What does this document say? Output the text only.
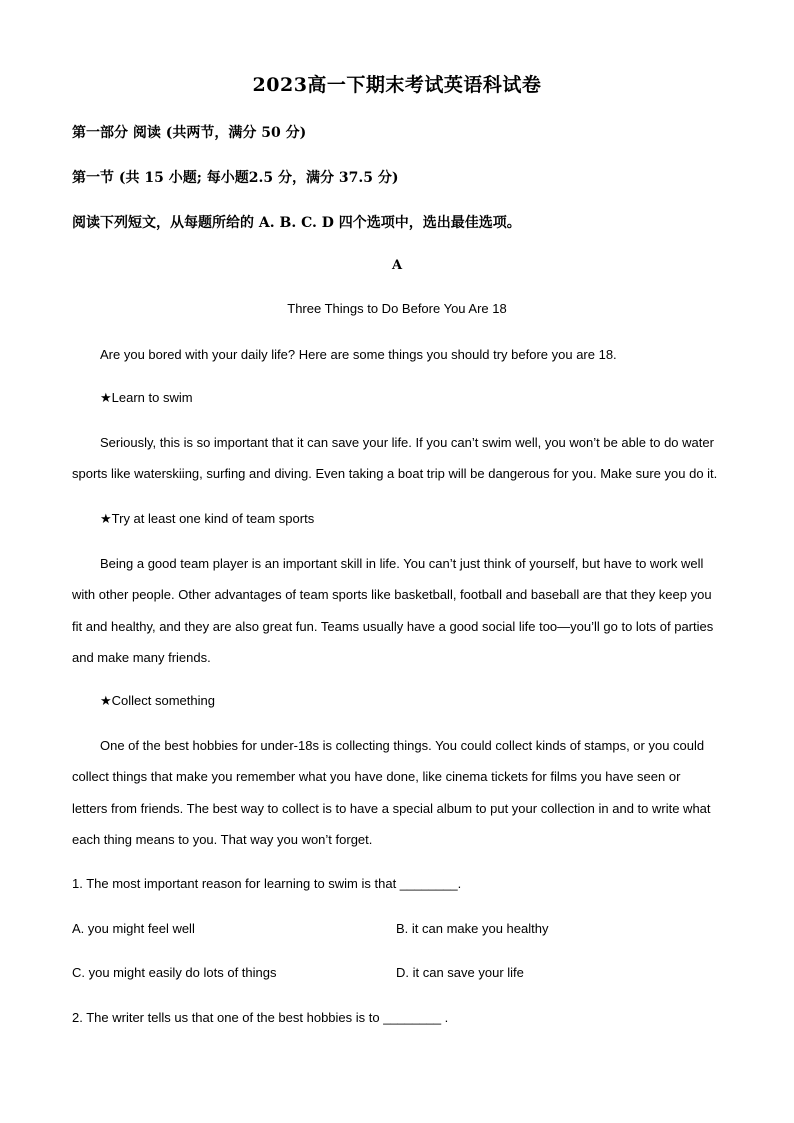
2023高一下期末考试英语科试卷
第一部分 阅读 (共两节，满分 50 分)
第一节 (共 15 小题; 每小题2.5 分，满分 37.5 分)
阅读下列短文，从每题所给的 A. B. C. D 四个选项中，选出最佳选项。
A
Three Things to Do Before You Are 18
Are you bored with your daily life? Here are some things you should try before you are 18.
★Learn to swim
Seriously, this is so important that it can save your life. If you can’t swim well, you won’t be able to do water sports like waterskiing, surfing and diving. Even taking a boat trip will be dangerous for you. Make sure you do it.
★Try at least one kind of team sports
Being a good team player is an important skill in life. You can’t just think of yourself, but have to work well with other people. Other advantages of team sports like basketball, football and baseball are that they keep you fit and healthy, and they are also great fun. Teams usually have a good social life too—you’ll go to lots of parties and make many friends.
★Collect something
One of the best hobbies for under-18s is collecting things. You could collect kinds of stamps, or you could collect things that make you remember what you have done, like cinema tickets for films you have seen or letters from friends. The best way to collect is to have a special album to put your collection in and to write what each thing means to you. That way you won’t forget.
1. The most important reason for learning to swim is that ________.
A. you might feel well	B. it can make you healthy
C. you might easily do lots of things	D. it can save your life
2. The writer tells us that one of the best hobbies is to ________ .
